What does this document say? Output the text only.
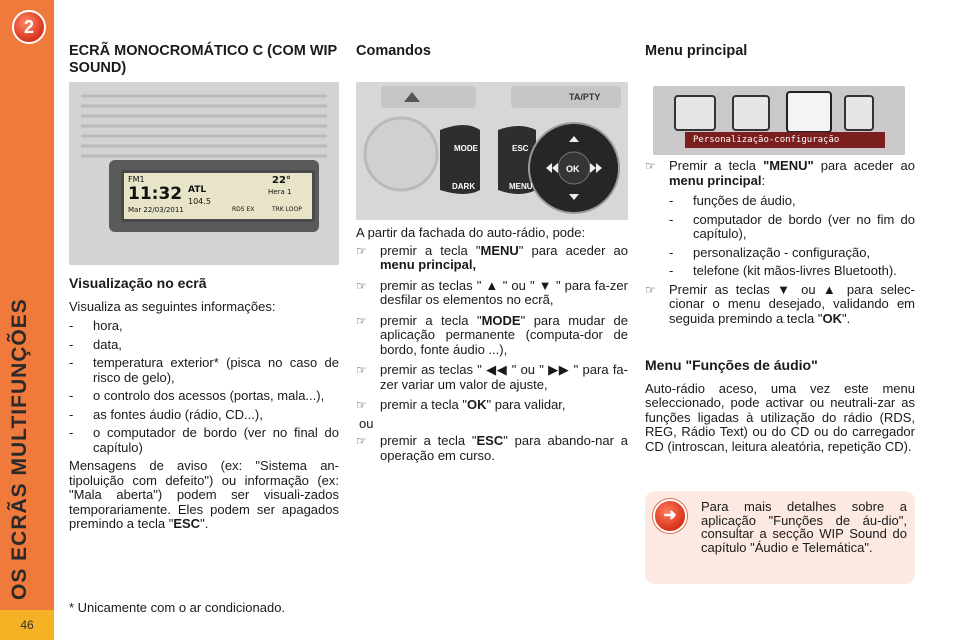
2
OS ECRÃS MULTIFUNÇÕES
46
ECRÃ MONOCROMÁTICO C (COM WIP SOUND)
FM1
11:32
Mar 22/03/2011
ATL
104.5
RDS EX
22°
Hera 1
TRK LOOP
Visualização no ecrã

Visualiza as seguintes informações:

- hora,
- data,
- temperatura exterior* (pisca no caso de risco de gelo),
- o controlo dos acessos (portas, mala...),
- as fontes áudio (rádio, CD...),
- o computador de bordo (ver no final do capítulo)

Mensagens de aviso (ex: "Sistema an-tipoluição com defeito") ou informação (ex: "Mala aberta") podem ser visuali-zados temporariamente. Eles podem ser apagados premindo a tecla "ESC".

* Unicamente com o ar condicionado.

Comandos
TA/PTY
MODE
DARK
ESC
MENU
OK

A partir da fachada do auto-rádio, pode:

☞ premir a tecla "MENU" para aceder ao menu principal,
☞ premir as teclas " ▲ " ou " ▼ " para fa-zer desfilar os elementos no ecrã,
☞ premir a tecla "MODE" para mudar de aplicação permanente (computa-dor de bordo, fonte áudio ...),
☞ premir as teclas " ◀◀ " ou " ▶▶ " para fa-zer variar um valor de ajuste,
☞ premir a tecla "OK" para validar,

ou

☞ premir a tecla "ESC" para abando-nar a operação em curso.
Menu principal
Personalização-configuração
☞ Premir a tecla "MENU" para aceder ao menu principal:
- funções de áudio,
- computador de bordo (ver no fim do capítulo),
- personalização - configuração,
- telefone (kit mãos-livres Bluetooth).
☞ Premir as teclas ▼ ou ▲ para selec-cionar o menu desejado, validando em seguida premindo a tecla "OK".
Menu "Funções de áudio"

Auto-rádio aceso, uma vez este menu seleccionado, pode activar ou neutrali-zar as funções ligadas à utilização do rádio (RDS, REG, Rádio Text) ou do CD ou do carregador CD (introscan, leitura aleatória, repetição CD).

➜

Para mais detalhes sobre a aplicação "Funções de áu-dio", consultar a secção WIP Sound do capítulo "Áudio e Telemática".
